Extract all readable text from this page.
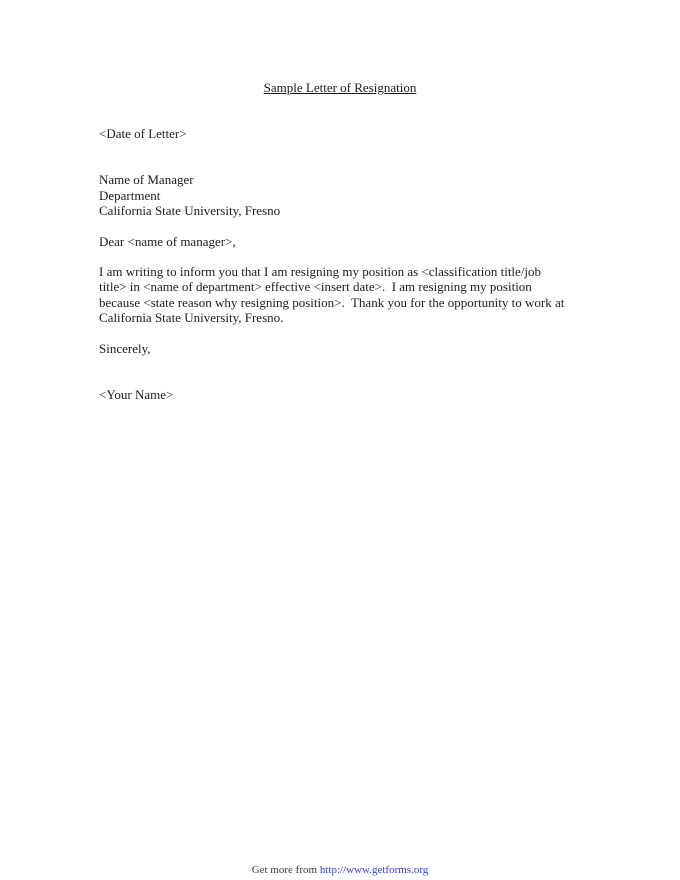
Sample Letter of Resignation
<Date of Letter>
Name of Manager
Department
California State University, Fresno
Dear <name of manager>,
I am writing to inform you that I am resigning my position as <classification title/job
title> in <name of department> effective <insert date>.  I am resigning my position
because <state reason why resigning position>.  Thank you for the opportunity to work at
California State University, Fresno.
Sincerely,
<Your Name>
Get more from http://www.getforms.org
